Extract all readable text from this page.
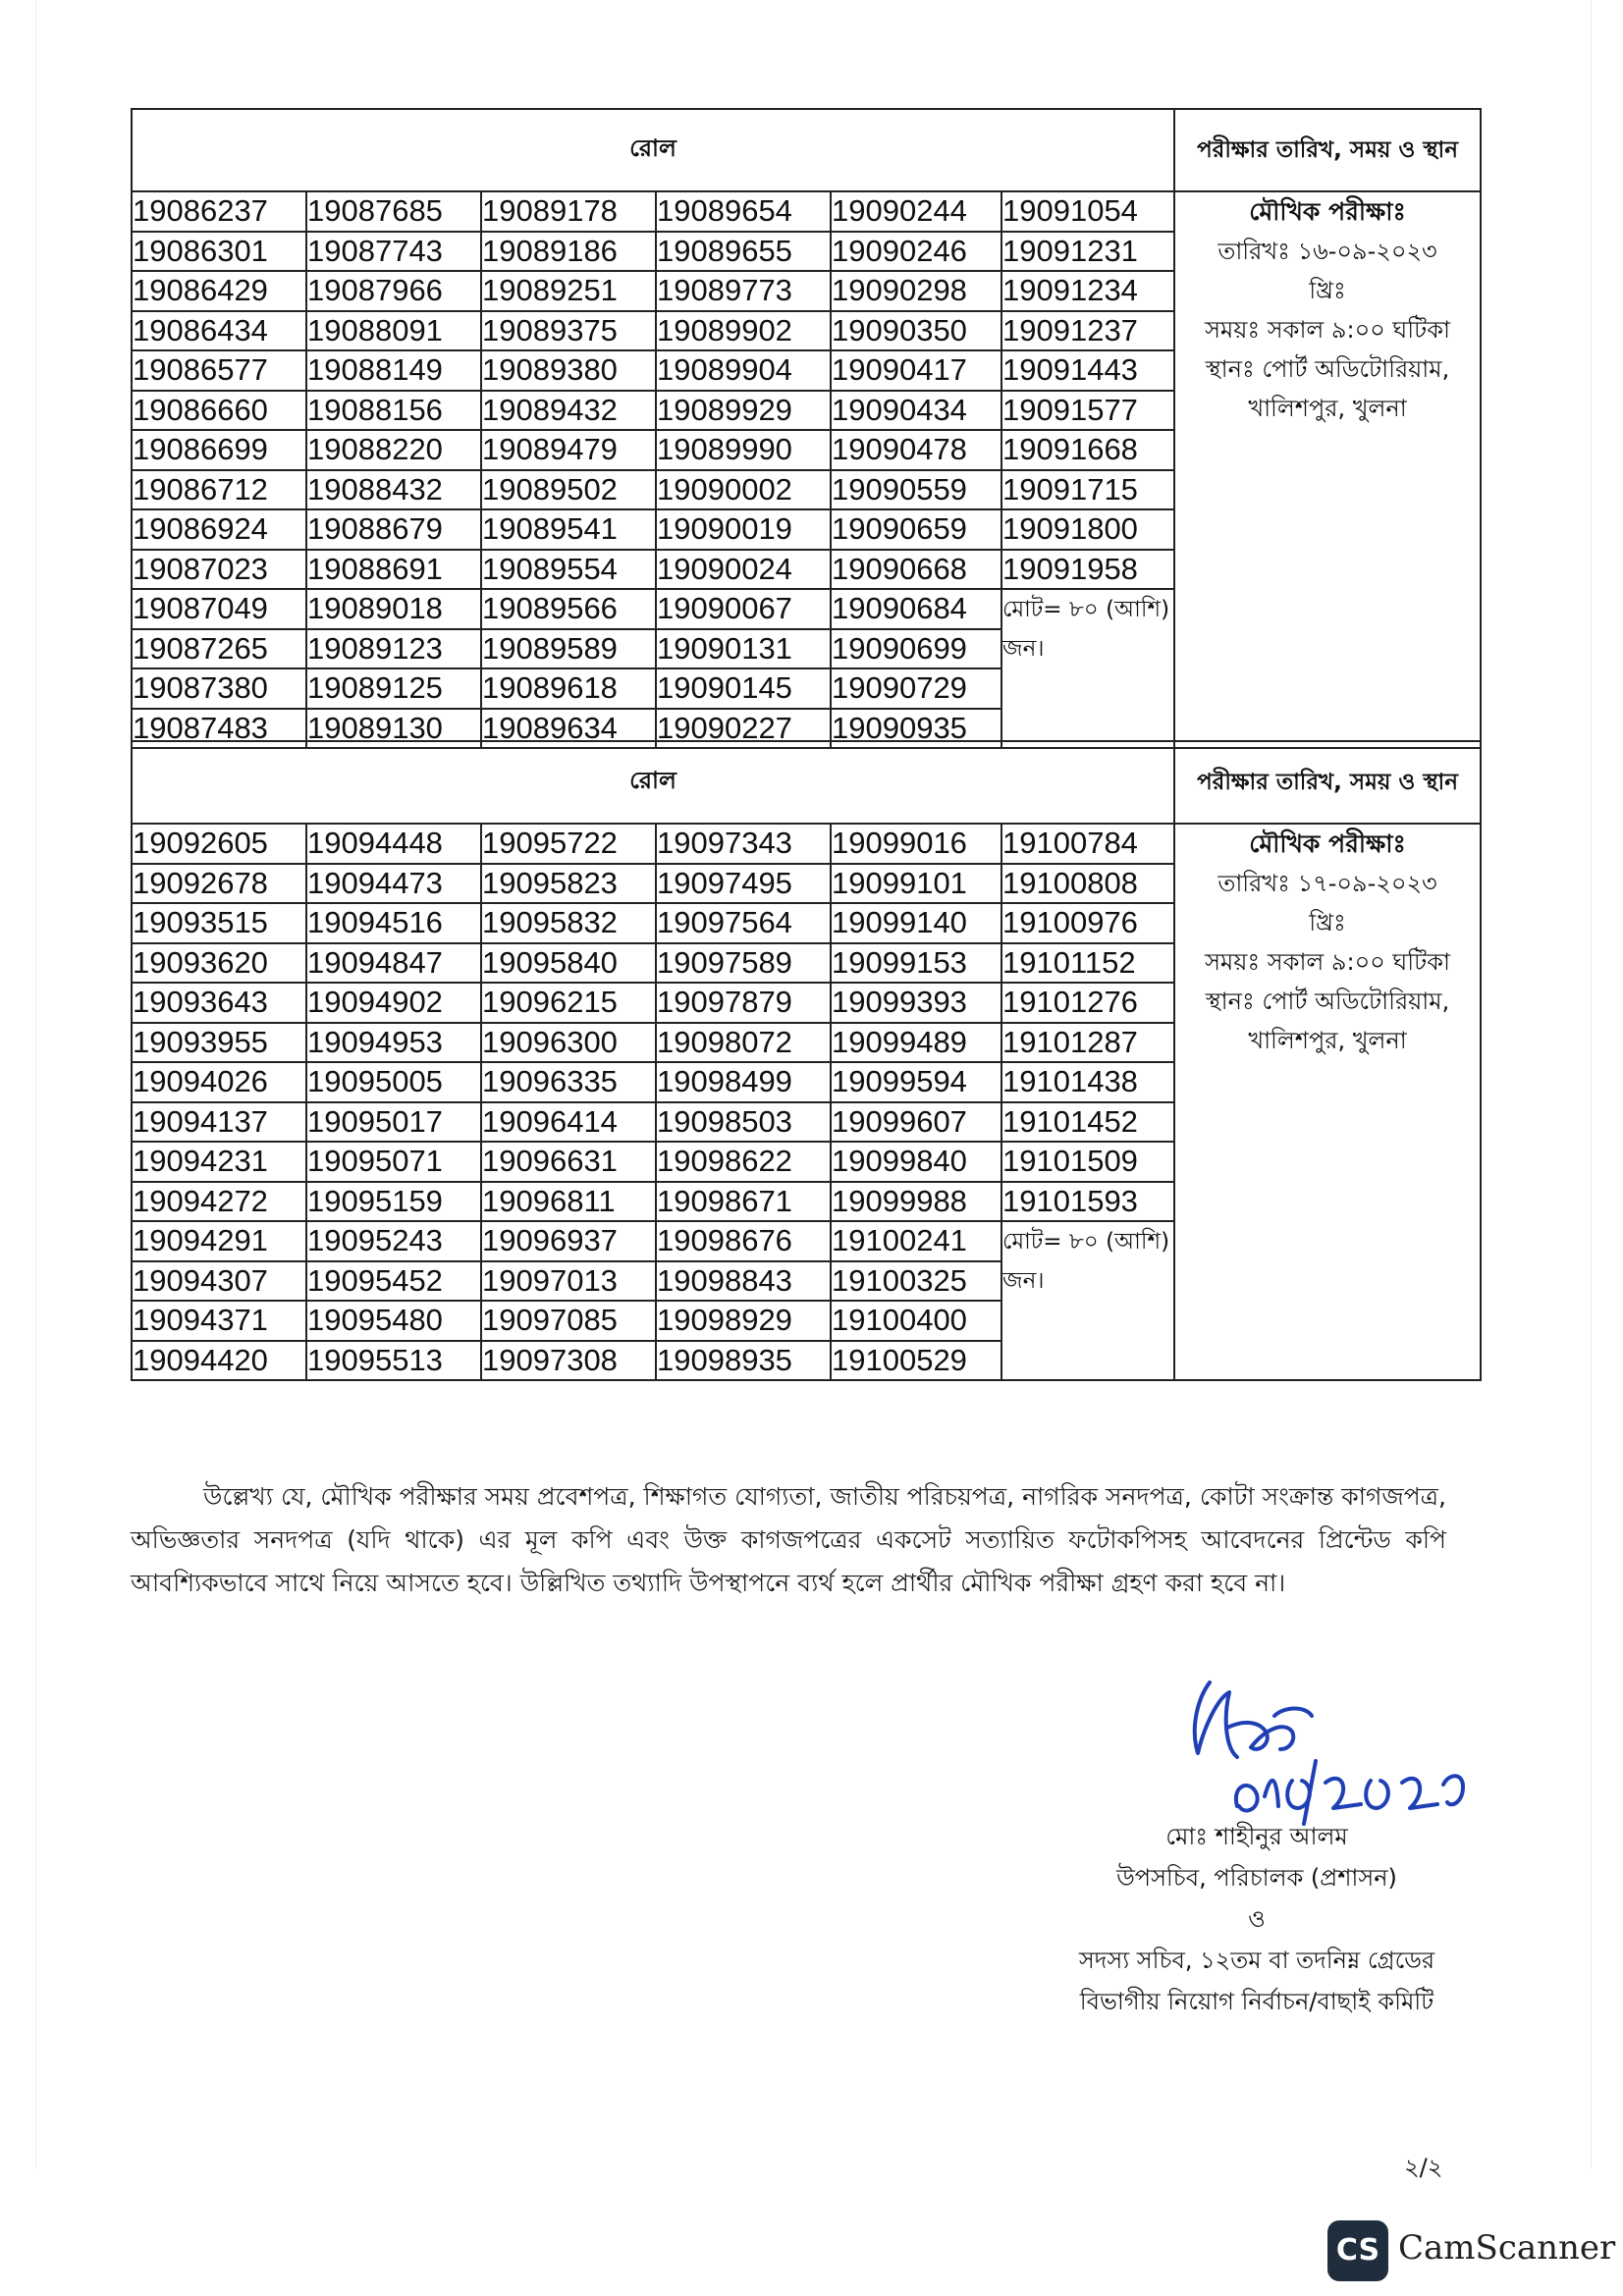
রোল						পরীক্ষার তারিখ, সময় ও স্থান
19086237	19087685	19089178	19089654	19090244	19091054	মৌখিক পরীক্ষাঃ
তারিখঃ ১৬-০৯-২০২৩
খ্রিঃ
সময়ঃ সকাল ৯:০০ ঘটিকা
স্থানঃ পোর্ট অডিটোরিয়াম, খালিশপুর, খুলনা

19086301	19087743	19089186	19089655	19090246	19091231	
19086429	19087966	19089251	19089773	19090298	19091234	
19086434	19088091	19089375	19089902	19090350	19091237	
19086577	19088149	19089380	19089904	19090417	19091443	
19086660	19088156	19089432	19089929	19090434	19091577	
19086699	19088220	19089479	19089990	19090478	19091668	
19086712	19088432	19089502	19090002	19090559	19091715	
19086924	19088679	19089541	19090019	19090659	19091800	
19087023	19088691	19089554	19090024	19090668	19091958	
19087049	19089018	19089566	19090067	19090684	মোট= ৮০ (আশি) জন।	
19087265	19089123	19089589	19090131	19090699		
19087380	19089125	19089618	19090145	19090729		
19087483	19089130	19089634	19090227	19090935		
রোল						পরীক্ষার তারিখ, সময় ও স্থান
19092605	19094448	19095722	19097343	19099016	19100784	মৌখিক পরীক্ষাঃ
তারিখঃ ১৭-০৯-২০২৩
খ্রিঃ
সময়ঃ সকাল ৯:০০ ঘটিকা
স্থানঃ পোর্ট অডিটোরিয়াম, খালিশপুর, খুলনা

19092678	19094473	19095823	19097495	19099101	19100808	
19093515	19094516	19095832	19097564	19099140	19100976	
19093620	19094847	19095840	19097589	19099153	19101152	
19093643	19094902	19096215	19097879	19099393	19101276	
19093955	19094953	19096300	19098072	19099489	19101287	
19094026	19095005	19096335	19098499	19099594	19101438	
19094137	19095017	19096414	19098503	19099607	19101452	
19094231	19095071	19096631	19098622	19099840	19101509	
19094272	19095159	19096811	19098671	19099988	19101593	
19094291	19095243	19096937	19098676	19100241	মোট= ৮০ (আশি) জন।	
19094307	19095452	19097013	19098843	19100325		
19094371	19095480	19097085	19098929	19100400		
19094420	19095513	19097308	19098935	19100529		

উল্লেখ্য যে, মৌখিক পরীক্ষার সময় প্রবেশপত্র, শিক্ষাগত যোগ্যতা, জাতীয় পরিচয়পত্র, নাগরিক সনদপত্র, কোটা সংক্রান্ত কাগজপত্র, অভিজ্ঞতার সনদপত্র (যদি থাকে) এর মূল কপি এবং উক্ত কাগজপত্রের একসেট সত্যায়িত ফটোকপিসহ আবেদনের প্রিন্টেড কপি আবশ্যিকভাবে সাথে নিয়ে আসতে হবে। উল্লিখিত তথ্যাদি উপস্থাপনে ব্যর্থ হলে প্রার্থীর মৌখিক পরীক্ষা গ্রহণ করা হবে না।

মোঃ শাহীনুর আলম
উপসচিব, পরিচালক (প্রশাসন)
ও
সদস্য সচিব, ১২তম বা তদনিম্ন গ্রেডের
বিভাগীয় নিয়োগ নির্বাচন/বাছাই কমিটি
২/২
CS CamScanner
